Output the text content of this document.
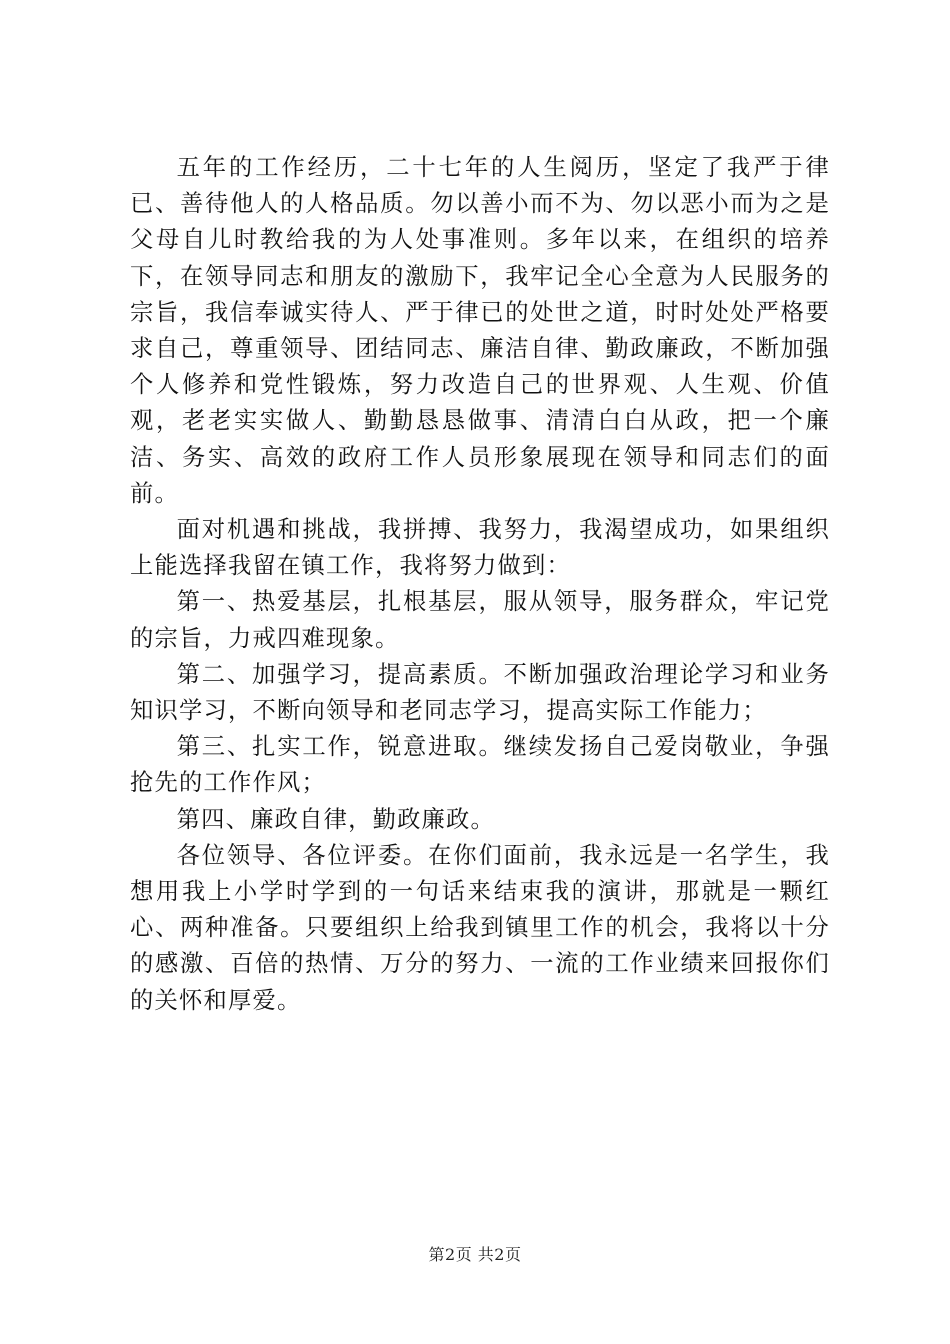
五年的工作经历，二十七年的人生阅历，坚定了我严于律已、善待他人的人格品质。勿以善小而不为、勿以恶小而为之是父母自儿时教给我的为人处事准则。多年以来，在组织的培养下，在领导同志和朋友的激励下，我牢记全心全意为人民服务的宗旨，我信奉诚实待人、严于律已的处世之道，时时处处严格要求自己，尊重领导、团结同志、廉洁自律、勤政廉政，不断加强个人修养和党性锻炼，努力改造自己的世界观、人生观、价值观，老老实实做人、勤勤恳恳做事、清清白白从政，把一个廉洁、务实、高效的政府工作人员形象展现在领导和同志们的面前。

面对机遇和挑战，我拼搏、我努力，我渴望成功，如果组织上能选择我留在镇工作，我将努力做到：

第一、热爱基层，扎根基层，服从领导，服务群众，牢记党的宗旨，力戒四难现象。

第二、加强学习，提高素质。不断加强政治理论学习和业务知识学习，不断向领导和老同志学习，提高实际工作能力；

第三、扎实工作，锐意进取。继续发扬自己爱岗敬业，争强抢先的工作作风；

第四、廉政自律，勤政廉政。

各位领导、各位评委。在你们面前，我永远是一名学生，我想用我上小学时学到的一句话来结束我的演讲，那就是一颗红心、两种准备。只要组织上给我到镇里工作的机会，我将以十分的感激、百倍的热情、万分的努力、一流的工作业绩来回报你们的关怀和厚爱。

第2页 共2页
